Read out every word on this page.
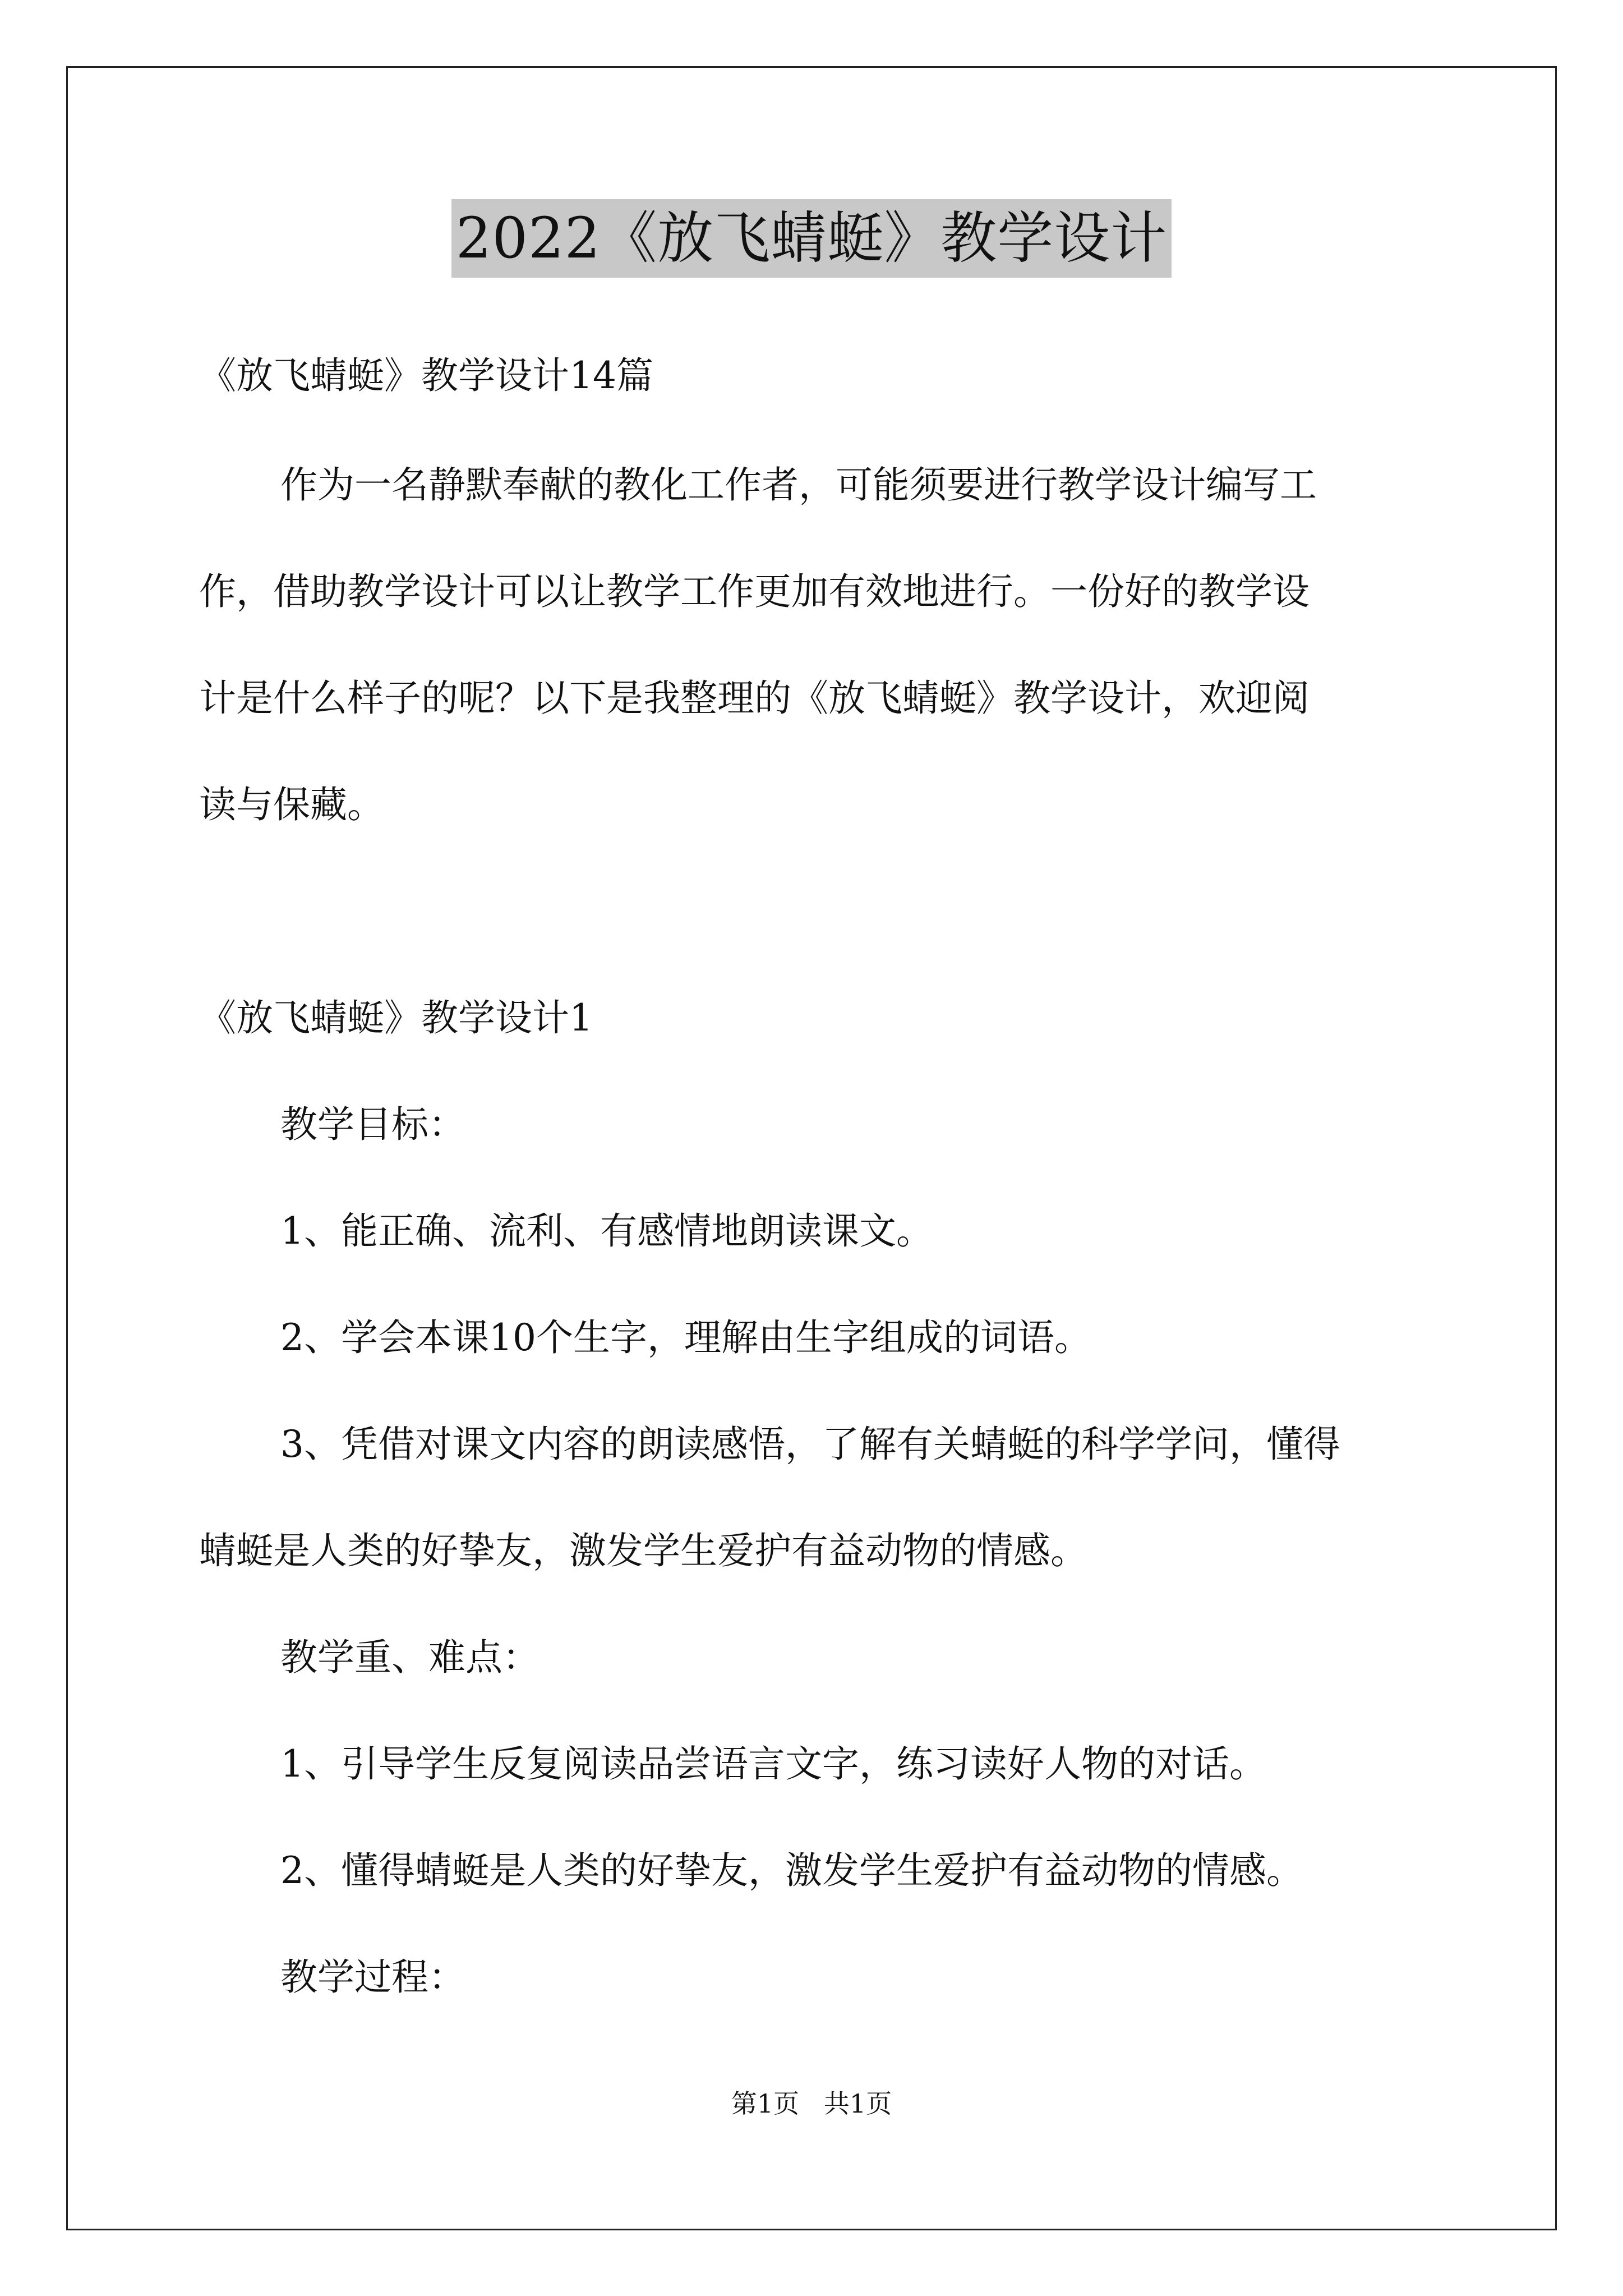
2022《放飞蜻蜓》教学设计
《放飞蜻蜓》教学设计14篇
作为一名静默奉献的教化工作者，可能须要进行教学设计编写工
作，借助教学设计可以让教学工作更加有效地进行。一份好的教学设
计是什么样子的呢？以下是我整理的《放飞蜻蜓》教学设计，欢迎阅
读与保藏。
《放飞蜻蜓》教学设计1
教学目标：
1、能正确、流利、有感情地朗读课文。
2、学会本课10个生字，理解由生字组成的词语。
3、凭借对课文内容的朗读感悟，了解有关蜻蜓的科学学问，懂得
蜻蜓是人类的好挚友，激发学生爱护有益动物的情感。
教学重、难点：
1、引导学生反复阅读品尝语言文字，练习读好人物的对话。
2、懂得蜻蜓是人类的好挚友，激发学生爱护有益动物的情感。
教学过程：
第1页   共1页
